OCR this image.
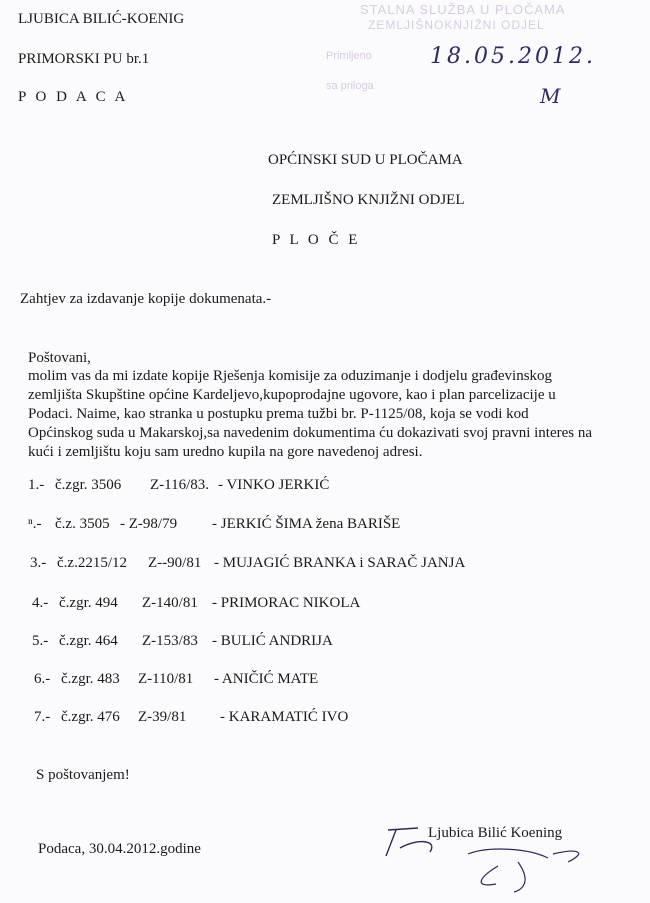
LJUBICA BILIĆ-KOENIG
PRIMORSKI PU br.1
P O D A C A
STALNA SLUŽBA U PLOČAMA
ZEMLJIŠNOKNJIŽNI ODJEL
Primljeno
sa prilogа
18.05.2012.
M
OPĆINSKI SUD U PLOČAMA
ZEMLJIŠNO KNJIŽNI ODJEL
P L O Č E
Zahtjev za izdavanje kopije dokumenata.-
Poštovani,

molim vas da mi izdate kopije Rješenja komisije za oduzimanje i dodjelu građevinskog

zemljišta Skupštine općine Kardeljevo,kupoprodajne ugovore, kao i plan parcelizacije u

Podaci. Naime, kao stranka u postupku prema tužbi br. P-1125/08, koja se vodi kod

Općinskog suda u Makarskoj,sa navedenim dokumentima ću dokazivati svoj pravni interes na

kući i zemljištu koju sam uredno kupila na gore navedenoj adresi.

1.- č.zgr. 3506 Z-116/83. - VINKO JERKIĆ
ⁿ.- č.z. 3505 - Z-98/79 - JERKIĆ ŠIMA žena BARIŠE
3.- č.z.2215/12 Z--90/81 - MUJAGIĆ BRANKA i SARAČ JANJA
4.- č.zgr. 494 Z-140/81 - PRIMORAC NIKOLA
5.- č.zgr. 464 Z-153/83 - BULIĆ ANDRIJA
6.- č.zgr. 483 Z-110/81 - ANIČIĆ MATE
7.- č.zgr. 476 Z-39/81 - KARAMATIĆ IVO
S poštovanjem!
Podaca, 30.04.2012.godine
Ljubica Bilić Koening
